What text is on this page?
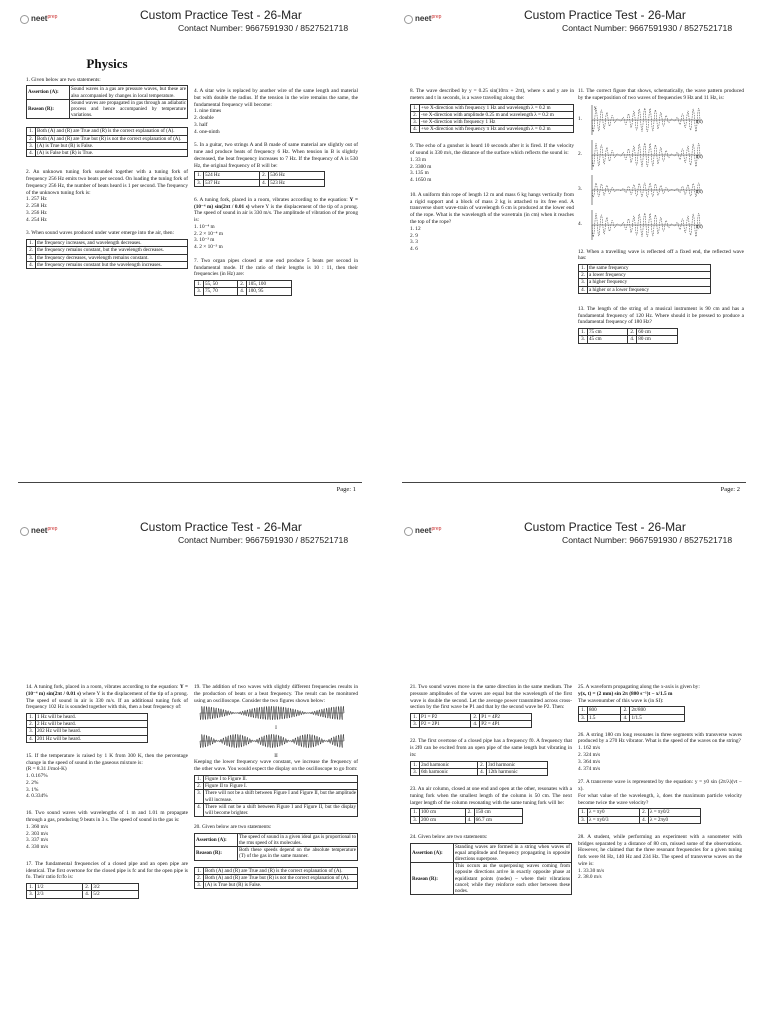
neet$^{prep}$	Custom Practice Test - 26-Mar
Contact Number: 9667591930 / 8527521718
Physics
1. Given below are two statements:
Assertion (A):	Sound waves in a gas are pressure waves, but these are also accompanied by changes in local temperature.
Reason (R):	Sound waves are propagated in gas through an adiabatic process and hence accompanied by temperature variations.
1.	Both (A) and (R) are True and (R) is the correct explanation of (A).
2.	Both (A) and (R) are True but (R) is not the correct explanation of (A).
3.	(A) is True but (R) is False.
4.	(A) is False but (R) is True.
2. An unknown tuning fork sounded together with a tuning fork of frequency 256 Hz emits two beats per second. On loading the tuning fork of frequency 256 Hz, the number of beats heard is 1 per second. The frequency of the unknown tuning fork is:
1. 257 Hz
2. 258 Hz
3. 256 Hz
4. 254 Hz
3. When sound waves produced under water emerge into the air, then:
1.	the frequency increases, and wavelength decreases.
2.	the frequency remains constant, but the wavelength decreases.
3.	the frequency decreases, wavelength remains constant.
4.	the frequency remains constant but the wavelength increases.
4. A sitar wire is replaced by another wire of the same length and material but with double the radius. If the tension in the wire remains the same, the fundamental frequency will become:
1. nine times
2. double
3. half
4. one-ninth
5. In a guitar, two strings A and B made of same material are slightly out of tune and produce beats of frequency 6 Hz. When tension in B is slightly decreased, the beat frequency increases to 7 Hz. If the frequency of A is 530 Hz, the original frequency of B will be:
1.	524 Hz	2.	536 Hz
3.	537 Hz	4.	523 Hz
6. A tuning fork, placed in a room, vibrates according to the equation: Y = (10⁻⁴ m) sin(2πt / 0.01 s) where Y is the displacement of the tip of a prong. The speed of sound in air is 330 m/s. The amplitude of vibration of the prong is:
1. 10⁻⁴ m
2. 2 × 10⁻⁴ m
3. 10⁻³ m
4. 2 × 10⁻³ m
7. Two organ pipes closed at one end produce 5 beats per second in fundamental mode. If the ratio of their lengths is 10 : 11, then their frequencies (in Hz) are:
1.	55, 50	2.	105, 100
3.	75, 70	4.	100, 95
Page: 1
neet$^{prep}$	Custom Practice Test - 26-Mar
Contact Number: 9667591930 / 8527521718
8. The wave described by y = 0.25 sin(10πx + 2πt), where x and y are in meters and t in seconds, is a wave traveling along the:
1.	+ve X-direction with frequency 1 Hz and wavelength λ = 0.2 m
2.	-ve X-direction with amplitude 0.25 m and wavelength λ = 0.2 m
3.	-ve X-direction with frequency 1 Hz
4.	+ve X-direction with frequency π Hz and wavelength λ = 0.2 m
9. The echo of a gunshot is heard 10 seconds after it is fired. If the velocity of sound is 330 m/s, the distance of the surface which reflects the sound is:
1. 33 m
2. 3300 m
3. 135 m
4. 1650 m
10. A uniform thin rope of length 12 m and mass 6 kg hangs vertically from a rigid support and a block of mass 2 kg is attached to its free end. A transverse short wave-train of wavelength 6 cm is produced at the lower end of the rope. What is the wavelength of the wavetrain (in cm) when it reaches the top of the rope?
1. 12
2. 9
3. 3
4. 6
11. The correct figure that shows, schematically, the wave pattern produced by the superposition of two waves of frequencies 9 Hz and 11 Hz, is:
1.
y
t(s)
2.	t(s)
3.	t(s)
4.	t(s)
12. When a travelling wave is reflected off a fixed end, the reflected wave has:
1.	the same frequency
2.	a lower frequency
3.	a higher frequency
4.	a higher or a lower frequency
13. The length of the string of a musical instrument is 90 cm and has a fundamental frequency of 120 Hz. Where should it be pressed to produce a fundamental frequency of 180 Hz?
1.	75 cm	2.	60 cm
3.	45 cm	4.	80 cm
Page: 2
neet$^{prep}$	Custom Practice Test - 26-Mar
Contact Number: 9667591930 / 8527521718
14. A tuning fork, placed in a room, vibrates according to the equation: Y = (10⁻⁴ m) sin(2πt / 0.01 s) where Y is the displacement of the tip of a prong. The speed of sound in air is 330 m/s. If an additional tuning fork of frequency 102 Hz is sounded together with this, then a beat frequency of:
1.	1 Hz will be heard.
2.	2 Hz will be heard.
3.	202 Hz will be heard.
4.	201 Hz will be heard.
15. If the temperature is raised by 1 K from 300 K, then the percentage change in the speed of sound in the gaseous mixture is:
(R = 8.31 J/mol-K)
1. 0.167%
2. 2%
3. 1%
4. 0.334%
16. Two sound waves with wavelengths of 1 m and 1.01 m propagate through a gas, producing 9 beats in 3 s. The speed of sound in the gas is:
1. 360 m/s
2. 303 m/s
3. 337 m/s
4. 330 m/s
17. The fundamental frequencies of a closed pipe and an open pipe are identical. The first overtone for the closed pipe is fc and for the open pipe is fo. Their ratio fc/fo is:
1.	1/2	2.	3/2
3.	2/3	4.	5/2
19. The addition of two waves with slightly different frequencies results in the production of beats or a beat frequency. The result can be monitored using an oscilloscope. Consider the two figures shown below:
I
II
Keeping the lower frequency wave constant, we increase the frequency of the other wave. You would expect the display on the oscilloscope to go from:
1.	Figure I to Figure II.
2.	Figure II to Figure I.
3.	There will not be a shift between Figure I and Figure II, but the amplitude will increase.
4.	There will not be a shift between Figure I and Figure II, but the display will become brighter.
20. Given below are two statements:
Assertion (A):	The speed of sound in a given ideal gas is proportional to the rms speed of its molecules.
Reason (R):	Both these speeds depend on the absolute temperature (T) of the gas in the same manner.
1.	Both (A) and (R) are True and (R) is the correct explanation of (A).
2.	Both (A) and (R) are True but (R) is not the correct explanation of (A).
3.	(A) is True but (R) is False.
neet$^{prep}$	Custom Practice Test - 26-Mar
Contact Number: 9667591930 / 8527521718
21. Two sound waves move in the same direction in the same medium. The pressure amplitudes of the waves are equal but the wavelength of the first wave is double the second. Let the average power transmitted across cross-section by the first wave be P1 and that by the second wave be P2. Then:
1.	P1 = P2	2.	P1 = 4P2
3.	P2 = 2P1	4.	P2 = 4P1
22. The first overtone of a closed pipe has a frequency f0. A frequency that is 2f0 can be excited from an open pipe of the same length but vibrating in its:
1.	2nd harmonic	2.	3rd harmonic
3.	6th harmonic	4.	12th harmonic
23. An air column, closed at one end and open at the other, resonates with a tuning fork when the smallest length of the column is 50 cm. The next larger length of the column resonating with the same tuning fork will be:
1.	100 cm	2.	150 cm
3.	200 cm	4.	66.7 cm
24. Given below are two statements:
Assertion (A):	Standing waves are formed in a string when waves of equal amplitude and frequency propagating in opposite directions superpose.
Reason (R):	This occurs as the superposing waves coming from opposite directions arrive in exactly opposite phase at equidistant points (nodes) – where their vibrations cancel; while they reinforce each other between these nodes.
25. A waveform propagating along the x-axis is given by:
y(x, t) = (2 mm) sin 2π (800 s⁻¹)t − x/1.5 m
The wavenumber of this wave is (in SI):
1.	800	2.	2π/800
3.	1.5	4.	1/1.5
26. A string 180 cm long resonates in three segments with transverse waves produced by a 270 Hz vibrator. What is the speed of the waves on the string?
1. 162 m/s
2. 324 m/s
3. 364 m/s
4. 374 m/s
27. A transverse wave is represented by the equation: y = y0 sin (2π/λ)(vt − x).
For what value of the wavelength, λ, does the maximum particle velocity become twice the wave velocity?
1.	λ = πy0	2.	λ = πy0/2
3.	λ = πy0/3	4.	λ = 2πy0
28. A student, while performing an experiment with a sonometer with bridges separated by a distance of 80 cm, missed some of the observations. However, he claimed that the three resonant frequencies for a given tuning fork were 84 Hz, 140 Hz and 234 Hz. The speed of transverse waves on the wire is:
1. 33.30 m/s
2. 38.0 m/s
